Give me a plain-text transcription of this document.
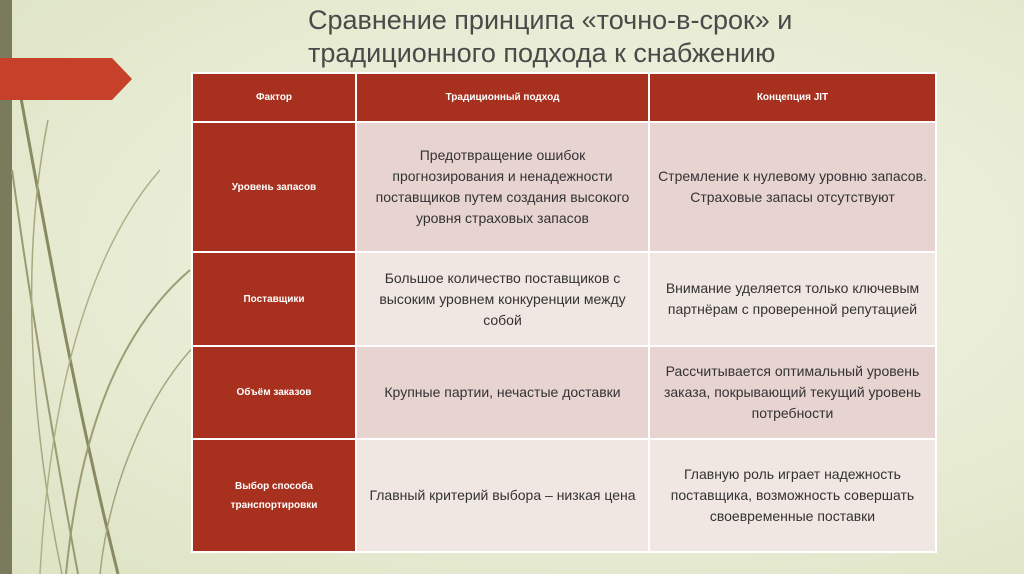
Сравнение принципа «точно-в-срок» и
традиционного подхода к снабжению
Фактор	Традиционный подход	Концепция JIT
Уровень запасов	Предотвращение ошибок прогнозирования и ненадежности поставщиков путем создания высокого уровня страховых запасов	Стремление к нулевому уровню запасов. Страховые запасы отсутствуют
Поставщики	Большое количество поставщиков с высоким уровнем конкуренции между собой	Внимание уделяется только ключевым партнёрам с проверенной репутацией
Объём заказов	Крупные партии, нечастые доставки	Рассчитывается оптимальный уровень заказа, покрывающий текущий уровень потребности
Выбор способа транспортировки	Главный критерий выбора – низкая цена	Главную роль играет надежность поставщика, возможность совершать своевременные поставки
